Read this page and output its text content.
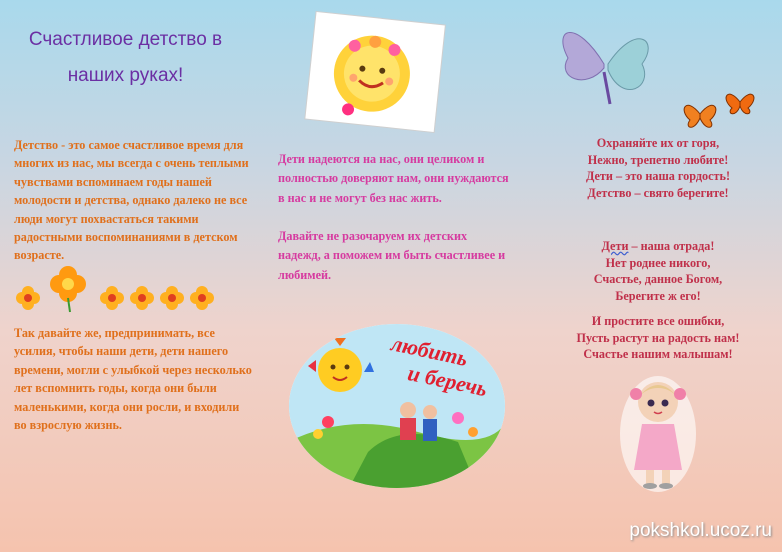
Счастливое детство в
наших руках!
Детство - это самое счастливое время для многих из нас, мы всегда с очень теплыми чувствами вспоминаем годы нашей молодости и детства, однако далеко не все люди могут похвастаться такими радостными воспоминаниями в детском возрасте.
Так давайте же, предпринимать, все усилия, чтобы наши дети, дети нашего времени, могли с улыбкой через несколько лет вспомнить годы, когда они были маленькими, когда они росли, и входили во взрослую жизнь.
Дети надеются на нас, они целиком и полностью доверяют нам, они нуждаются в нас и не могут без нас жить.
Давайте не разочаруем их детских надежд, а поможем им быть счастливее и любимей.
любить
и беречь
Охраняйте их от горя,
Нежно, трепетно любите!
Дети – это наша гордость!
Детство – свято берегите!
Дети – наша отрада!
Нет роднее никого,
Счастье, данное Богом,
Берегите ж его!
И простите все ошибки,
Пусть растут на радость нам!
Счастье нашим малышам!
pokshkol.ucoz.ru
